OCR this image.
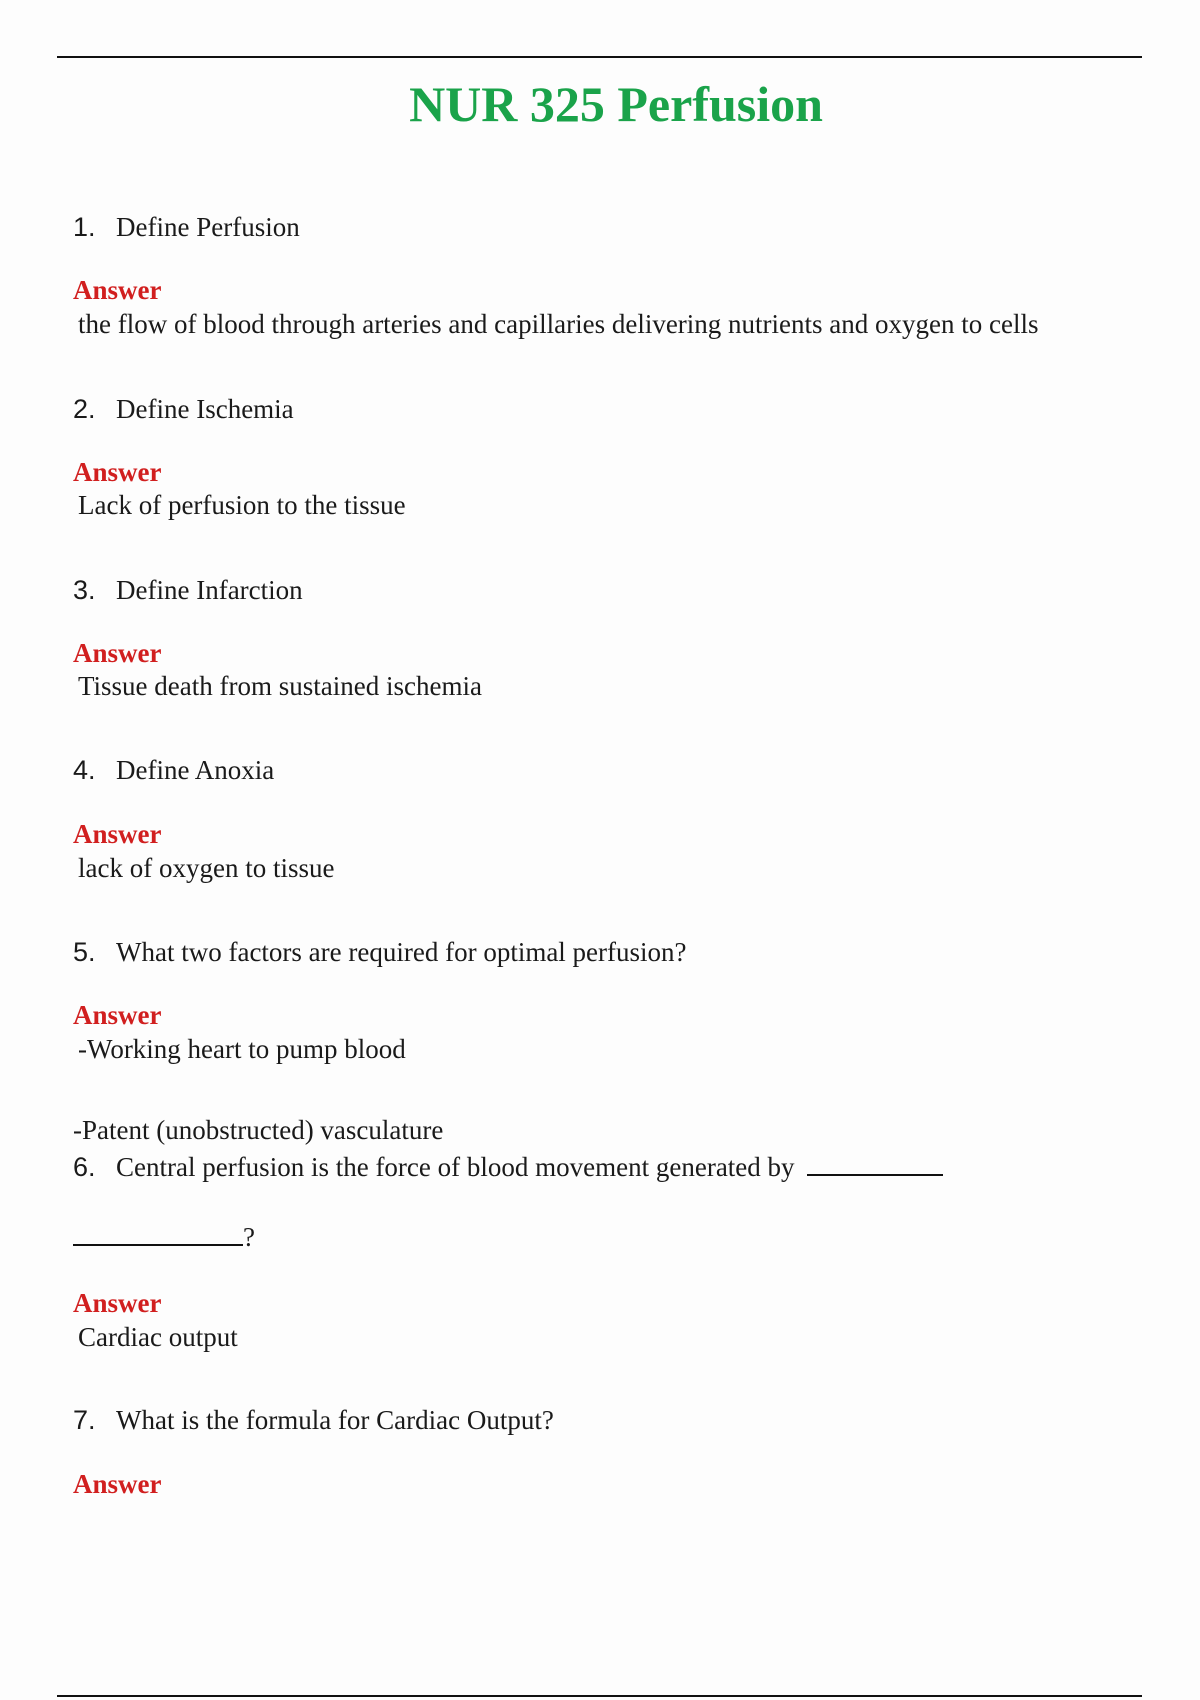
NUR 325 Perfusion
1. Define Perfusion
Answer
the flow of blood through arteries and capillaries delivering nutrients and oxygen to cells
2. Define Ischemia
Answer
Lack of perfusion to the tissue
3. Define Infarction
Answer
Tissue death from sustained ischemia
4. Define Anoxia
Answer
lack of oxygen to tissue
5. What two factors are required for optimal perfusion?
Answer
-Working heart to pump blood
-Patent (unobstructed) vasculature
6. Central perfusion is the force of blood movement generated by
?
Answer
Cardiac output
7. What is the formula for Cardiac Output?
Answer
